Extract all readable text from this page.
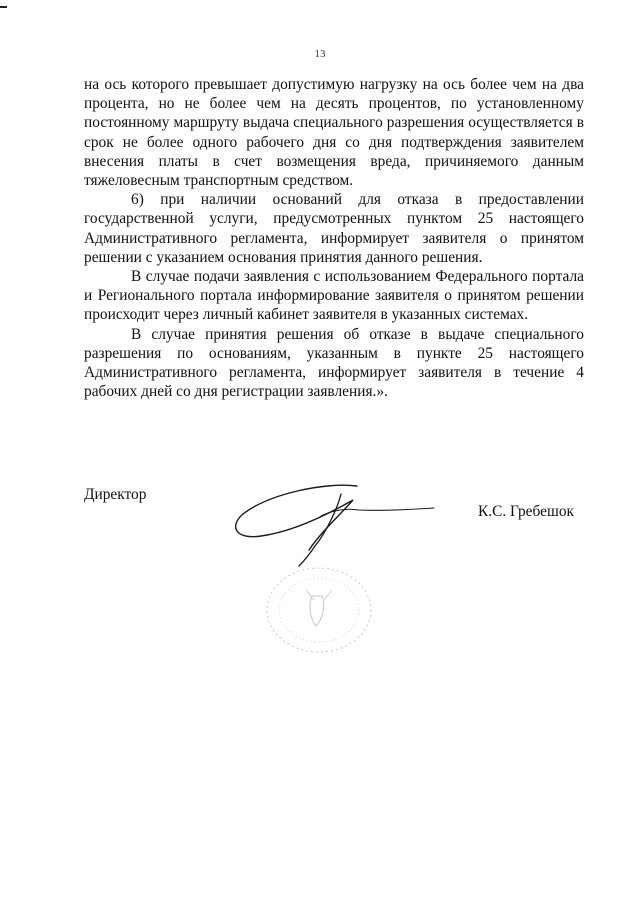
13

на ось которого превышает допустимую нагрузку на ось более чем на два процента, но не более чем на десять процентов, по установленному постоянному маршруту выдача специального разрешения осуществляется в срок не более одного рабочего дня со дня подтверждения заявителем внесения платы в счет возмещения вреда, причиняемого данным тяжеловесным транспортным средством.

6) при наличии оснований для отказа в предоставлении государственной услуги, предусмотренных пунктом 25 настоящего Административного регламента, информирует заявителя о принятом решении с указанием основания принятия данного решения.

В случае подачи заявления с использованием Федерального портала и Регионального портала информирование заявителя о принятом решении происходит через личный кабинет заявителя в указанных системах.

В случае принятия решения об отказе в выдаче специального разрешения по основаниям, указанным в пункте 25 настоящего Административного регламента, информирует заявителя в течение 4 рабочих дней со дня регистрации заявления.».

Директор
К.С. Гребешок
